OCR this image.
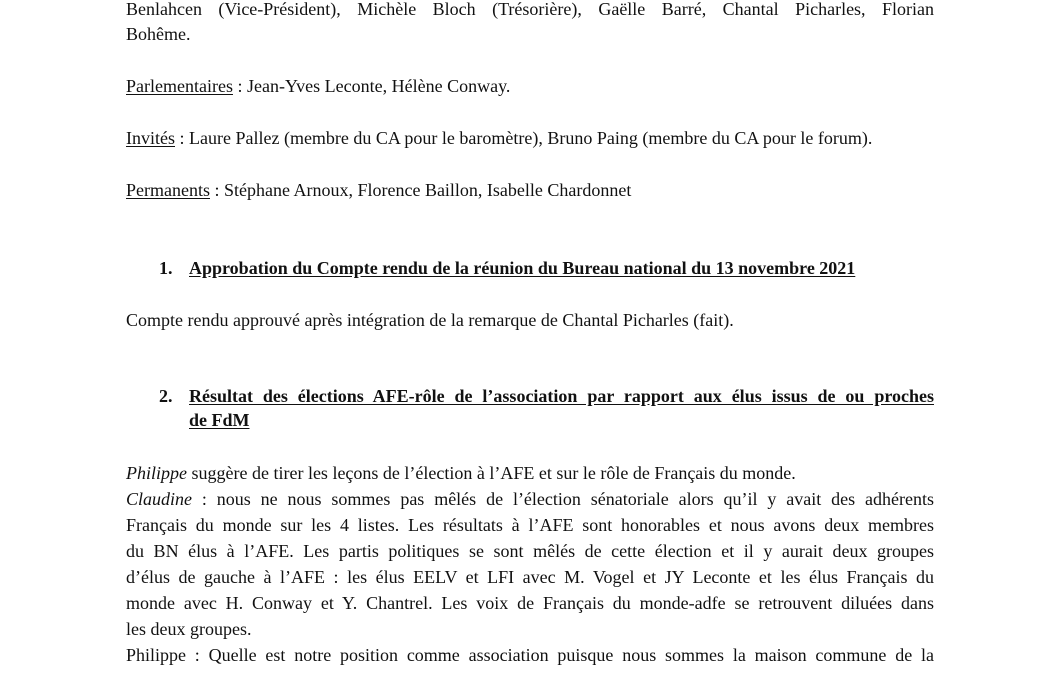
Benlahcen (Vice-Président), Michèle Bloch (Trésorière), Gaëlle Barré, Chantal Picharles, Florian
Bohême.
Parlementaires : Jean-Yves Leconte, Hélène Conway.
Invités : Laure Pallez (membre du CA pour le baromètre), Bruno Paing (membre du CA pour le forum).
Permanents : Stéphane Arnoux, Florence Baillon, Isabelle Chardonnet
1. Approbation du Compte rendu de la réunion du Bureau national du 13 novembre 2021
Compte rendu approuvé après intégration de la remarque de Chantal Picharles (fait).
2. Résultat des élections AFE-rôle de l’association par rapport aux élus issus de ou proches
de FdM
Philippe suggère de tirer les leçons de l’élection à l’AFE et sur le rôle de Français du monde.
Claudine : nous ne nous sommes pas mêlés de l’élection sénatoriale alors qu’il y avait des adhérents
Français du monde sur les 4 listes. Les résultats à l’AFE sont honorables et nous avons deux membres
du BN élus à l’AFE. Les partis politiques se sont mêlés de cette élection et il y aurait deux groupes
d’élus de gauche à l’AFE : les élus EELV et LFI avec M. Vogel et JY Leconte et les élus Français du
monde avec H. Conway et Y. Chantrel. Les voix de Français du monde-adfe se retrouvent diluées dans
les deux groupes.
Philippe : Quelle est notre position comme association puisque nous sommes la maison commune de la
